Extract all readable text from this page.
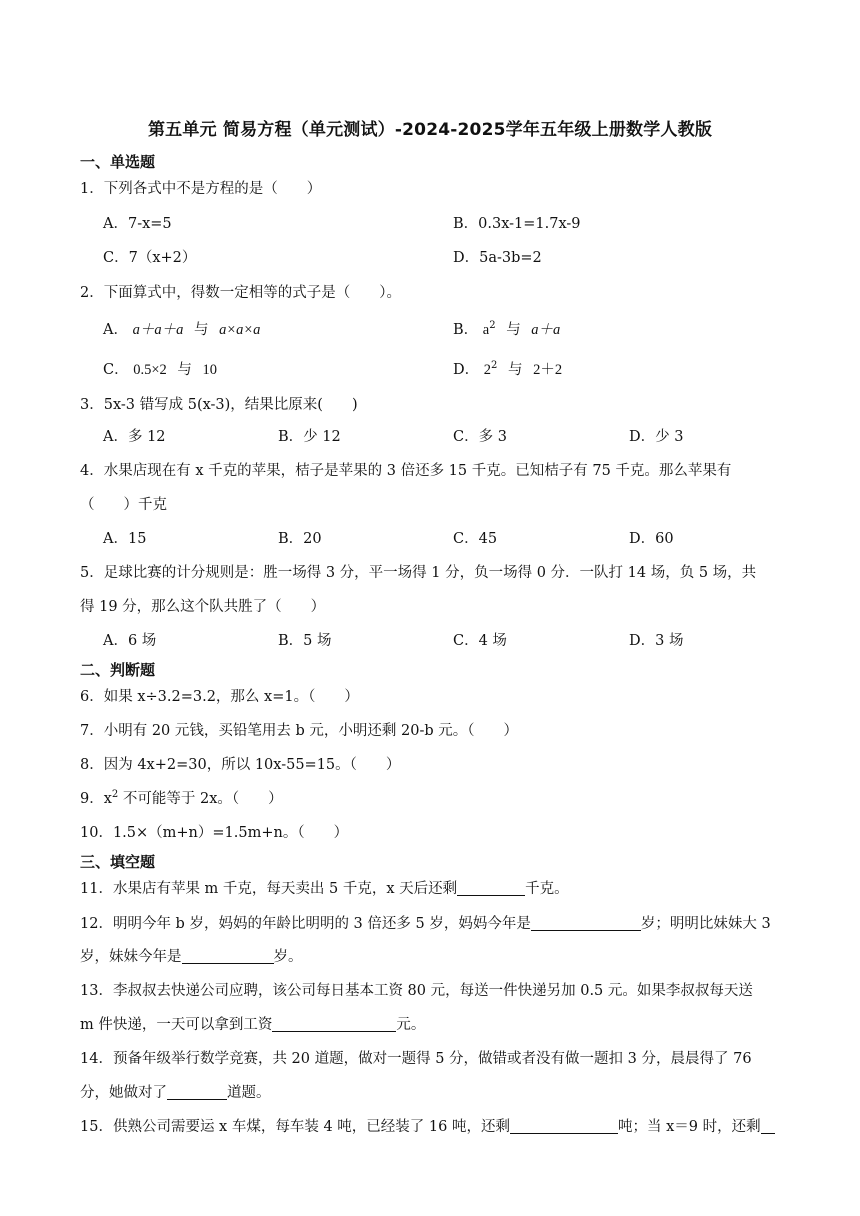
第五单元 简易方程（单元测试）-2024-2025学年五年级上册数学人教版
一、单选题
1．下列各式中不是方程的是（　　）
A．7-x=5	B．0.3x-1=1.7x-9
C．7（x+2）	D．5a-3b=2
2．下面算式中，得数一定相等的式子是（　　）。
A． a＋a＋a 与 a×a×a	B． $a^2$ 与 a＋a
C． 0.5×2 与 10	D． $2^2$ 与 2＋2
3．5x-3 错写成 5(x-3)，结果比原来(　　)
A．多 12	B．少 12	C．多 3	D．少 3
4．水果店现在有 x 千克的苹果，桔子是苹果的 3 倍还多 15 千克。已知桔子有 75 千克。那么苹果有
（　　）千克
A．15	B．20	C．45	D．60
5．足球比赛的计分规则是：胜一场得 3 分，平一场得 1 分，负一场得 0 分．一队打 14 场，负 5 场，共
得 19 分，那么这个队共胜了（　　）
A．6 场	B．5 场	C．4 场	D．3 场
二、判断题
6．如果 x÷3.2=3.2，那么 x=1。（　　）
7．小明有 20 元钱，买铅笔用去 b 元，小明还剩 20-b 元。（　　）
8．因为 4x+2=30，所以 10x-55=15。（　　）
9．$x^2$ 不可能等于 2x。（　　）
10．1.5×（m+n）=1.5m+n。（　　）
三、填空题
11．水果店有苹果 m 千克，每天卖出 5 千克，x 天后还剩	千克。
12．明明今年 b 岁，妈妈的年龄比明明的 3 倍还多 5 岁，妈妈今年是	岁；明明比妹妹大 3
岁，妹妹今年是	岁。
13．李叔叔去快递公司应聘，该公司每日基本工资 80 元，每送一件快递另加 0.5 元。如果李叔叔每天送
m 件快递，一天可以拿到工资	元。
14．预备年级举行数学竞赛，共 20 道题，做对一题得 5 分，做错或者没有做一题扣 3 分，晨晨得了 76
分，她做对了	道题。
15．供熟公司需要运 x 车煤，每车装 4 吨，已经装了 16 吨，还剩	吨；当 x＝9 时，还剩
